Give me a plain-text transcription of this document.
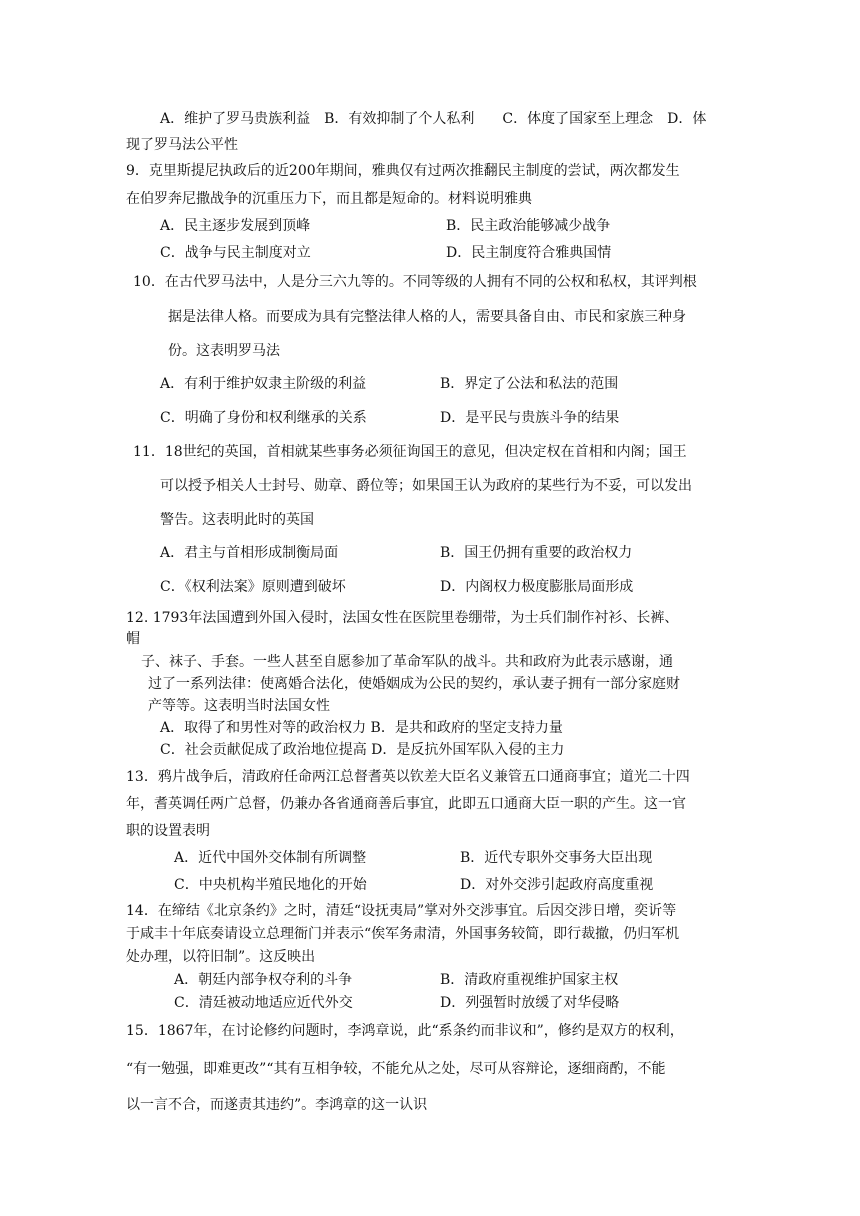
A．维护了罗马贵族利益　B．有效抑制了个人私利　　C．体度了国家至上理念　D．体
现了罗马法公平性
9．克里斯提尼执政后的近200年期间，雅典仅有过两次推翻民主制度的尝试，两次都发生
在伯罗奔尼撒战争的沉重压力下，而且都是短命的。材料说明雅典
A．民主逐步发展到顶峰	B．民主政治能够减少战争
C．战争与民主制度对立	D．民主制度符合雅典国情
10．在古代罗马法中，人是分三六九等的。不同等级的人拥有不同的公权和私权，其评判根
据是法律人格。而要成为具有完整法律人格的人，需要具备自由、市民和家族三种身
份。这表明罗马法
A．有利于维护奴隶主阶级的利益	B．界定了公法和私法的范围
C．明确了身份和权利继承的关系	D．是平民与贵族斗争的结果
11．18世纪的英国，首相就某些事务必须征询国王的意见，但决定权在首相和内阁；国王
可以授予相关人士封号、勋章、爵位等；如果国王认为政府的某些行为不妥，可以发出
警告。这表明此时的英国
A．君主与首相形成制衡局面	B．国王仍拥有重要的政治权力
C．《权利法案》原则遭到破坏	D．内阁权力极度膨胀局面形成
12. 1793年法国遭到外国入侵时，法国女性在医院里卷绷带，为士兵们制作衬衫、长裤、
帽
子、袜子、手套。一些人甚至自愿参加了革命军队的战斗。共和政府为此表示感谢，通
过了一系列法律：使离婚合法化，使婚姻成为公民的契约，承认妻子拥有一部分家庭财
产等等。这表明当时法国女性
A．取得了和男性对等的政治权力 B．是共和政府的坚定支持力量
C．社会贡献促成了政治地位提高 D．是反抗外国军队入侵的主力
13．鸦片战争后，清政府任命两江总督耆英以钦差大臣名义兼管五口通商事宜；道光二十四
年，耆英调任两广总督，仍兼办各省通商善后事宜，此即五口通商大臣一职的产生。这一官
职的设置表明
A．近代中国外交体制有所调整	B．近代专职外交事务大臣出现
C．中央机构半殖民地化的开始	D．对外交涉引起政府高度重视
14．在缔结《北京条约》之时，清廷“设抚夷局”掌对外交涉事宜。后因交涉日增，奕䜣等
于咸丰十年底奏请设立总理衙门并表示“俟军务肃清，外国事务较简，即行裁撤，仍归军机
处办理，以符旧制”。这反映出
A．朝廷内部争权夺利的斗争	B．清政府重视维护国家主权
C．清廷被动地适应近代外交	D．列强暂时放缓了对华侵略
15．1867年，在讨论修约问题时，李鸿章说，此“系条约而非议和”，修约是双方的权利，
“有一勉强，即难更改”“其有互相争较，不能允从之处，尽可从容辩论，逐细商酌，不能
以一言不合，而遂责其违约”。李鸿章的这一认识
